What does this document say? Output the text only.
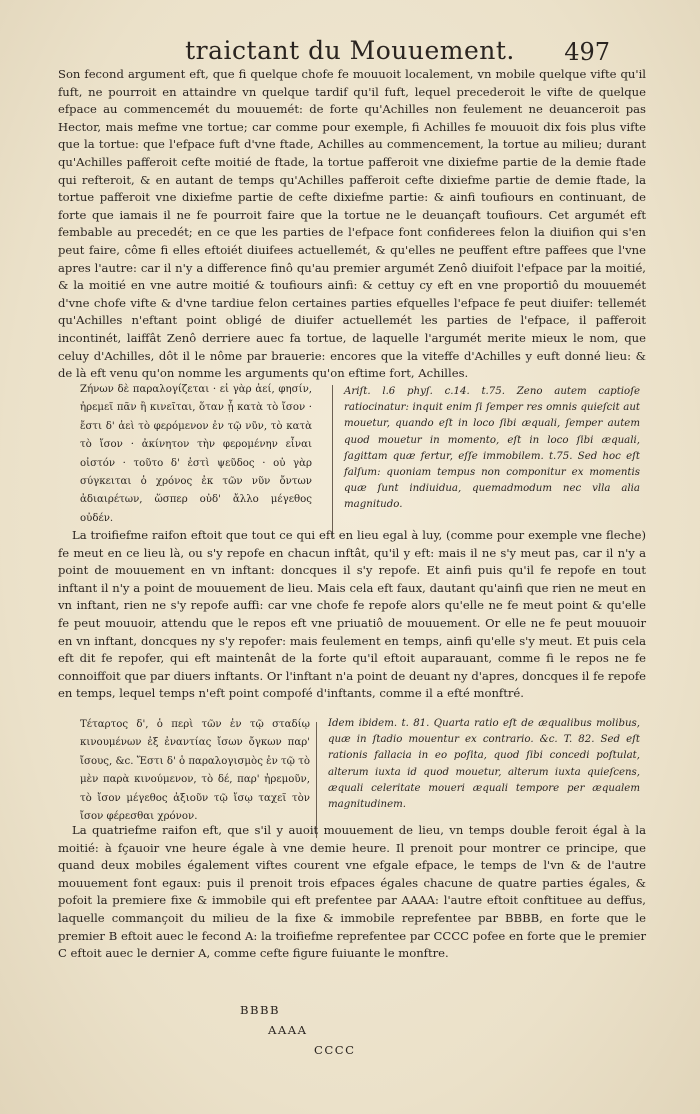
traictant du Mouuement.	497

Son fecond argument eft, que fi quelque chofe fe mouuoit localement, vn mobile quelque vifte qu'il fuft, ne pourroit en attaindre vn quelque tardif qu'il fuft, lequel precederoit le vifte de quelque efpace au commencemét du mouuemét: de forte qu'Achilles non feulement ne deuanceroit pas Hector, mais mefme vne tortue; car comme pour exemple, fi Achilles fe mouuoit dix fois plus vifte que la tortue: que l'efpace fuft d'vne ftade, Achilles au commencement, la tortue au milieu; durant qu'Achilles pafferoit cefte moitié de ftade, la tortue pafferoit vne dixiefme partie de la demie ftade qui refteroit, & en autant de temps qu'Achilles pafferoit cefte dixiefme partie de demie ftade, la tortue pafferoit vne dixiefme partie de cefte dixiefme partie: & ainfi toufiours en continuant, de forte que iamais il ne fe pourroit faire que la tortue ne le deuançaft toufiours. Cet argumét eft fembable au precedét; en ce que les parties de l'efpace font confiderees felon la diuifion qui s'en peut faire, côme fi elles eftoiét diuifees actuellemét, & qu'elles ne peuffent eftre paffees que l'vne apres l'autre: car il n'y a difference finô qu'au premier argumét Zenô diuifoit l'efpace par la moitié, & la moitié en vne autre moitié & toufiours ainfi: & cettuy cy eft en vne proportiô du mouuemét d'vne chofe vifte & d'vne tardiue felon certaines parties efquelles l'efpace fe peut diuifer: tellemét qu'Achilles n'eftant point obligé de diuifer actuellemét les parties de l'efpace, il pafferoit incontinét, laiffât Zenô derriere auec fa tortue, de laquelle l'argumét merite mieux le nom, que celuy d'Achilles, dôt il le nôme par brauerie: encores que la viteffe d'Achilles y euft donné lieu: & de là eft venu qu'on nomme les arguments qu'on eftime fort, Achilles.

Ζήνων δὲ παραλογίζεται · εἰ γὰρ ἀεί, φησίν, ἠρεμεῖ πᾶν ἢ κινεῖται, ὅταν ᾖ κατὰ τὸ ἴσον · ἔστι δ' ἀεὶ τὸ φερόμενον ἐν τῷ νῦν, τὸ κατὰ τὸ ἴσον · ἀκίνητον τὴν φερομένην εἶναι οἰστόν · τοῦτο δ' ἐστὶ ψεῦδος · οὐ γὰρ σύγκειται ὁ χρόνος ἐκ τῶν νῦν ὄντων ἀδιαιρέτων, ὥσπερ οὐδ' ἄλλο μέγεθος οὐδέν.

Ariſt. l.6 phyſ. c.14. t.75. Zeno autem captioſe ratiocinatur: inquit enim ſi ſemper res omnis quieſcit aut mouetur, quando eſt in loco ſibi æquali, ſemper autem quod mouetur in momento, eſt in loco ſibi æquali, ſagittam quæ fertur, eſſe immobilem. t.75. Sed hoc eſt falſum: quoniam tempus non componitur ex momentis quæ ſunt indiuidua, quemadmodum nec vlla alia magnitudo.

La troifiefme raifon eftoit que tout ce qui eft en lieu egal à luy, (comme pour exemple vne fleche) fe meut en ce lieu là, ou s'y repofe en chacun inftât, qu'il y eft: mais il ne s'y meut pas, car il n'y a point de mouuement en vn inftant: doncques il s'y repofe. Et ainfi puis qu'il fe repofe en tout inftant il n'y a point de mouuement de lieu. Mais cela eft faux, dautant qu'ainfi que rien ne meut en vn inftant, rien ne s'y repofe auffi: car vne chofe fe repofe alors qu'elle ne fe meut point & qu'elle fe peut mouuoir, attendu que le repos eft vne priuatiô de mouuement. Or elle ne fe peut mouuoir en vn inftant, doncques ny s'y repofer: mais feulement en temps, ainfi qu'elle s'y meut. Et puis cela eft dit fe repofer, qui eft maintenât de la forte qu'il eftoit auparauant, comme fi le repos ne fe connoiffoit que par diuers inftants. Or l'inftant n'a point de deuant ny d'apres, doncques il fe repofe en temps, lequel temps n'eft point compofé d'inftants, comme il a efté monftré.

Τέταρτος δ', ὁ περὶ τῶν ἐν τῷ σταδίῳ κινουμένων ἐξ ἐναντίας ἴσων ὄγκων παρ' ἴσους, &c. Ἔστι δ' ὁ παραλογισμὸς ἐν τῷ τὸ μὲν παρὰ κινούμενον, τὸ δέ, παρ' ἠρεμοῦν, τὸ ἴσον μέγεθος ἀξιοῦν τῷ ἴσῳ ταχεῖ τὸν ἴσον φέρεσθαι χρόνον.

Idem ibidem. t. 81. Quarta ratio eſt de æqualibus molibus, quæ in ſtadio mouentur ex contrario. &c. T. 82. Sed eſt rationis fallacia in eo poſita, quod ſibi concedi poſtulat, alterum iuxta id quod mouetur, alterum iuxta quieſcens, æquali celeritate moueri æquali tempore per æqualem magnitudinem.

La quatriefme raifon eft, que s'il y auoit mouuement de lieu, vn temps double feroit égal à la moitié: à fçauoir vne heure égale à vne demie heure. Il prenoit pour montrer ce principe, que quand deux mobiles également viftes courent vne efgale efpace, le temps de l'vn & de l'autre mouuement font egaux: puis il prenoit trois efpaces égales chacune de quatre parties égales, & pofoit la premiere fixe & immobile qui eft prefentee par AAAA: l'autre eftoit conftituee au deffus, laquelle commançoit du milieu de la fixe & immobile reprefentee par BBBB, en forte que le premier B eftoit auec le fecond A: la troifiefme reprefentee par CCCC pofee en forte que le premier C eftoit auec le dernier A, comme cefte figure fuiuante le monftre.

BBBB
AAAA
CCCC
